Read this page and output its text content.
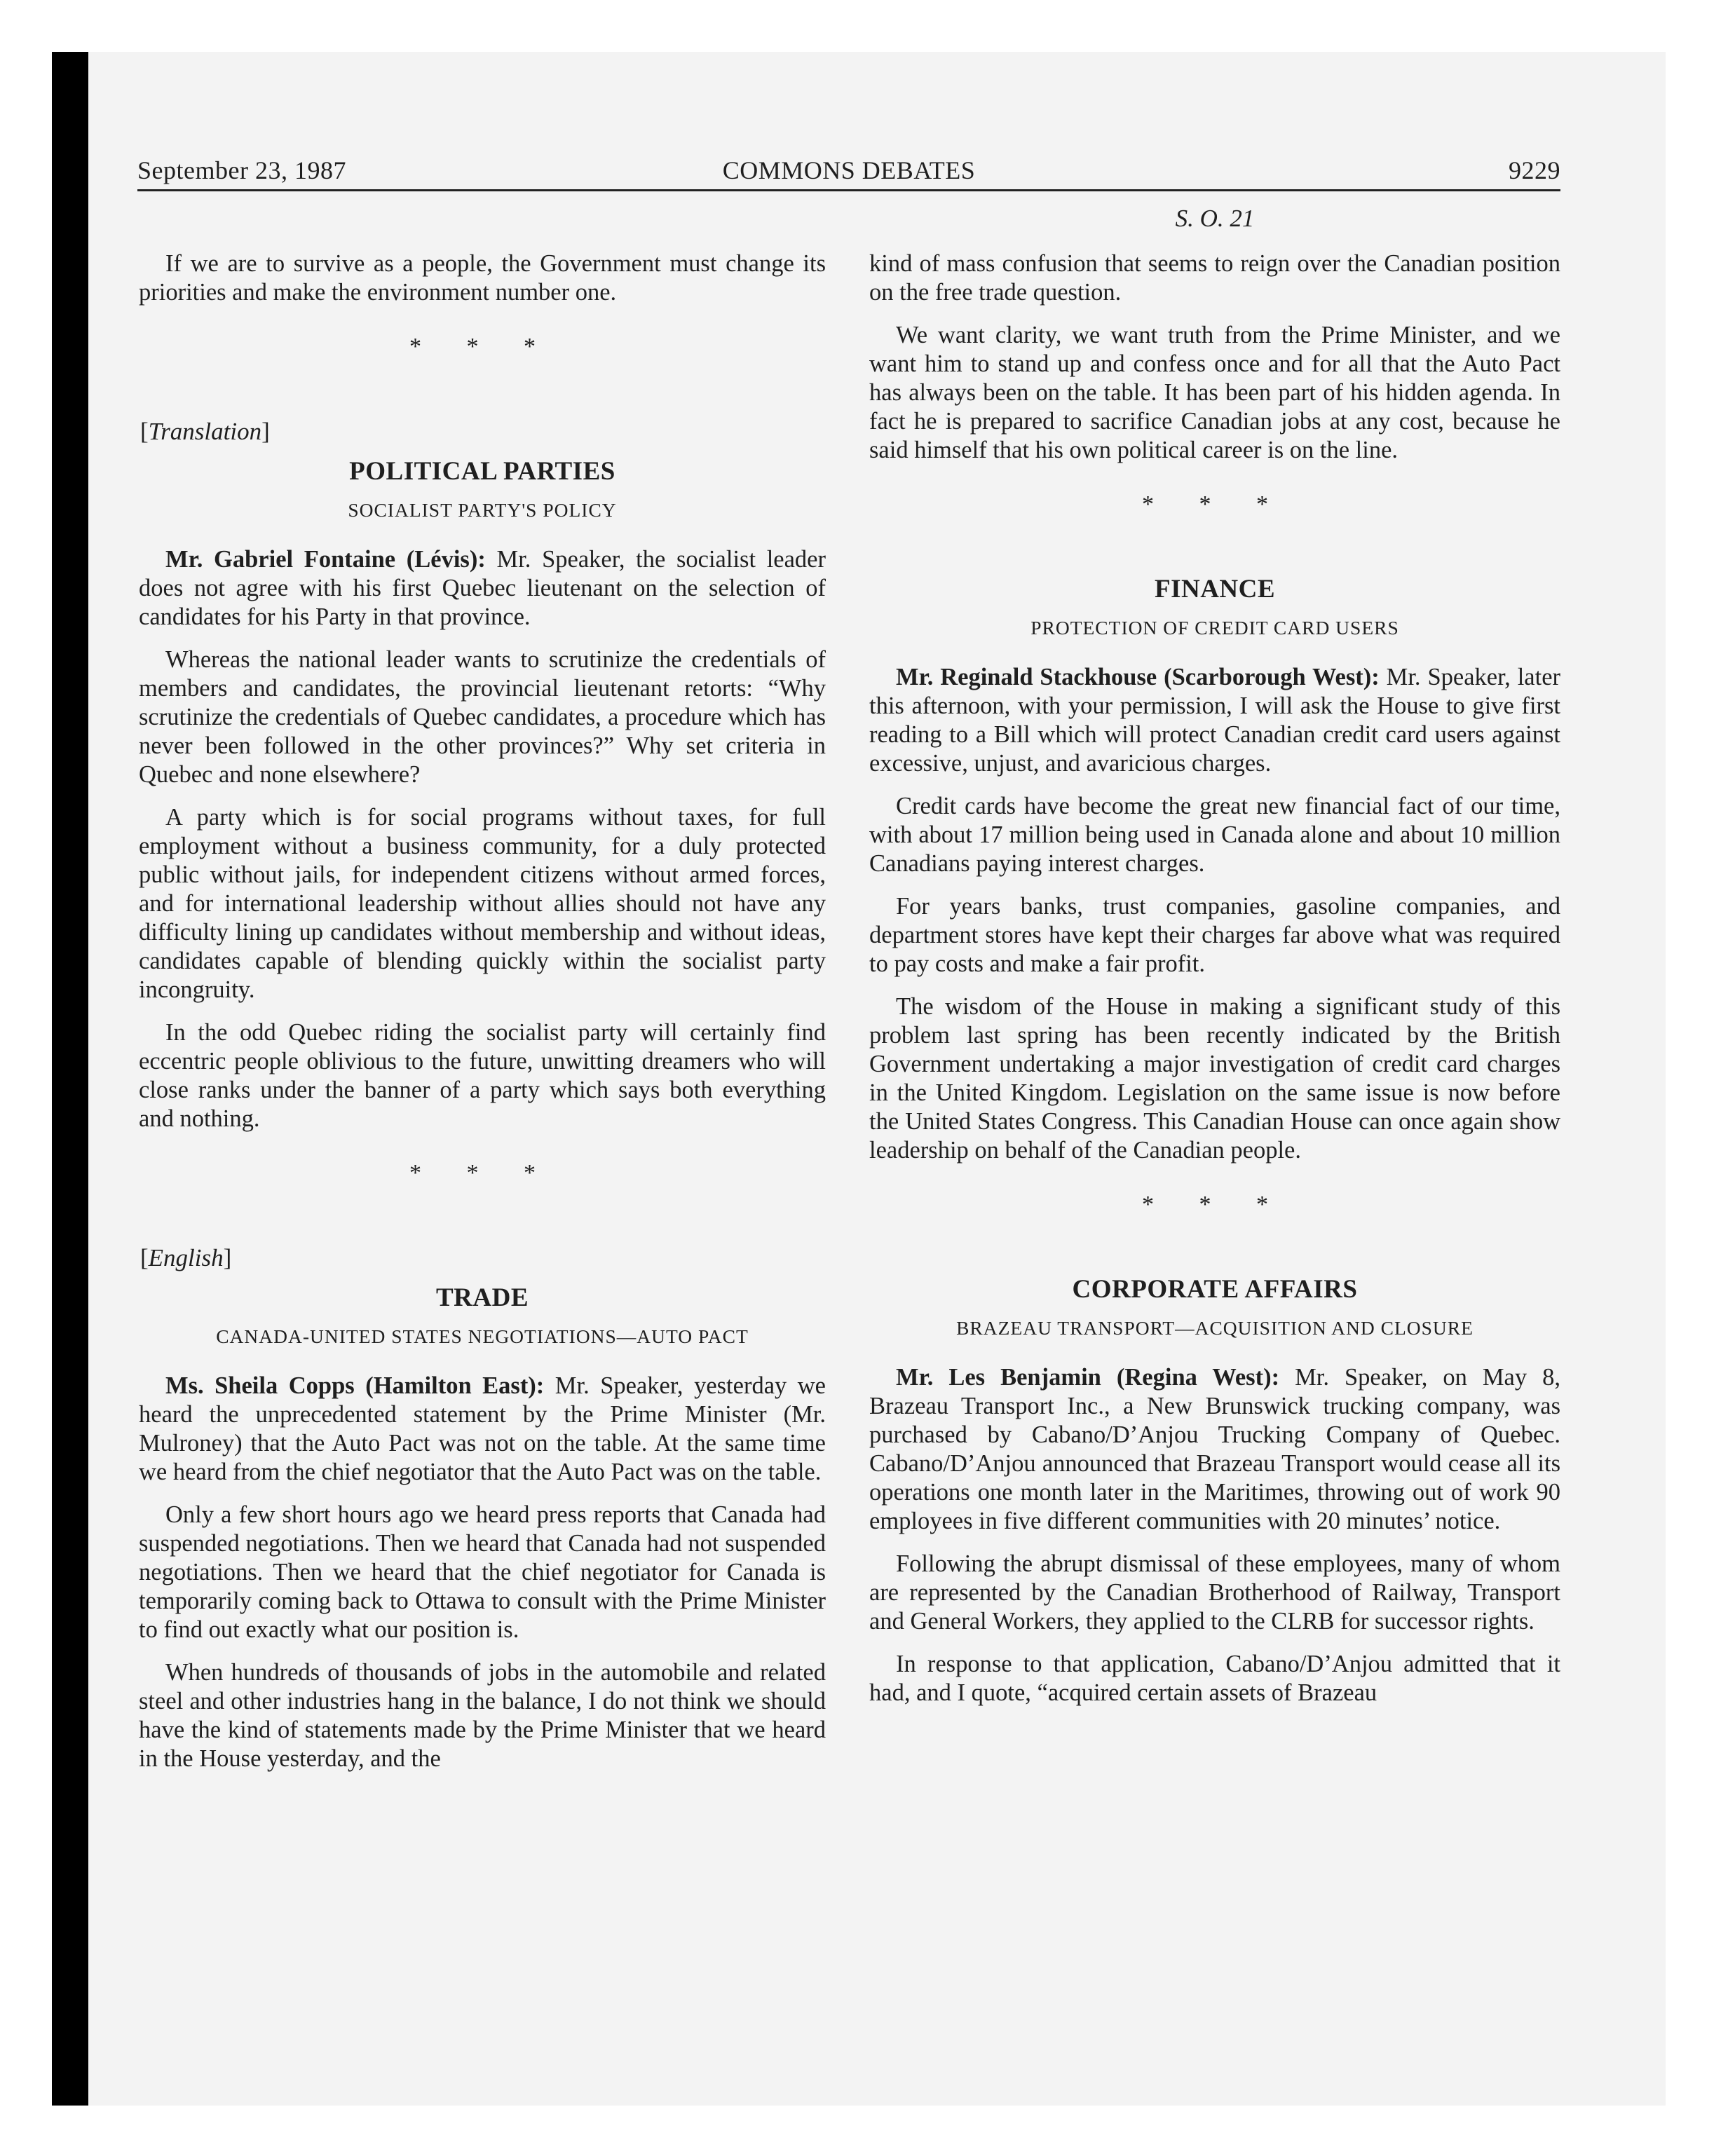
September 23, 1987	COMMONS DEBATES	9229
S. O. 21

If we are to survive as a people, the Government must change its priorities and make the environment number one.

* * *
[Translation]
POLITICAL PARTIES
SOCIALIST PARTY'S POLICY

Mr. Gabriel Fontaine (Lévis): Mr. Speaker, the socialist leader does not agree with his first Quebec lieutenant on the selection of candidates for his Party in that province.

Whereas the national leader wants to scrutinize the credentials of members and candidates, the provincial lieutenant retorts: “Why scrutinize the credentials of Quebec candidates, a procedure which has never been followed in the other provinces?” Why set criteria in Quebec and none elsewhere?

A party which is for social programs without taxes, for full employment without a business community, for a duly protected public without jails, for independent citizens without armed forces, and for international leadership without allies should not have any difficulty lining up candidates without membership and without ideas, candidates capable of blending quickly within the socialist party incongruity.

In the odd Quebec riding the socialist party will certainly find eccentric people oblivious to the future, unwitting dreamers who will close ranks under the banner of a party which says both everything and nothing.

* * *
[English]
TRADE
CANADA-UNITED STATES NEGOTIATIONS—AUTO PACT

Ms. Sheila Copps (Hamilton East): Mr. Speaker, yesterday we heard the unprecedented statement by the Prime Minister (Mr. Mulroney) that the Auto Pact was not on the table. At the same time we heard from the chief negotiator that the Auto Pact was on the table.

Only a few short hours ago we heard press reports that Canada had suspended negotiations. Then we heard that Canada had not suspended negotiations. Then we heard that the chief negotiator for Canada is temporarily coming back to Ottawa to consult with the Prime Minister to find out exactly what our position is.

When hundreds of thousands of jobs in the automobile and related steel and other industries hang in the balance, I do not think we should have the kind of statements made by the Prime Minister that we heard in the House yesterday, and the

kind of mass confusion that seems to reign over the Canadian position on the free trade question.

We want clarity, we want truth from the Prime Minister, and we want him to stand up and confess once and for all that the Auto Pact has always been on the table. It has been part of his hidden agenda. In fact he is prepared to sacrifice Canadian jobs at any cost, because he said himself that his own political career is on the line.

* * *
FINANCE
PROTECTION OF CREDIT CARD USERS

Mr. Reginald Stackhouse (Scarborough West): Mr. Speaker, later this afternoon, with your permission, I will ask the House to give first reading to a Bill which will protect Canadian credit card users against excessive, unjust, and avaricious charges.

Credit cards have become the great new financial fact of our time, with about 17 million being used in Canada alone and about 10 million Canadians paying interest charges.

For years banks, trust companies, gasoline companies, and department stores have kept their charges far above what was required to pay costs and make a fair profit.

The wisdom of the House in making a significant study of this problem last spring has been recently indicated by the British Government undertaking a major investigation of credit card charges in the United Kingdom. Legislation on the same issue is now before the United States Congress. This Canadian House can once again show leadership on behalf of the Canadian people.

* * *
CORPORATE AFFAIRS
BRAZEAU TRANSPORT—ACQUISITION AND CLOSURE

Mr. Les Benjamin (Regina West): Mr. Speaker, on May 8, Brazeau Transport Inc., a New Brunswick trucking company, was purchased by Cabano/D’Anjou Trucking Company of Quebec. Cabano/D’Anjou announced that Brazeau Transport would cease all its operations one month later in the Maritimes, throwing out of work 90 employees in five different communities with 20 minutes’ notice.

Following the abrupt dismissal of these employees, many of whom are represented by the Canadian Brotherhood of Railway, Transport and General Workers, they applied to the CLRB for successor rights.

In response to that application, Cabano/D’Anjou admitted that it had, and I quote, “acquired certain assets of Brazeau
